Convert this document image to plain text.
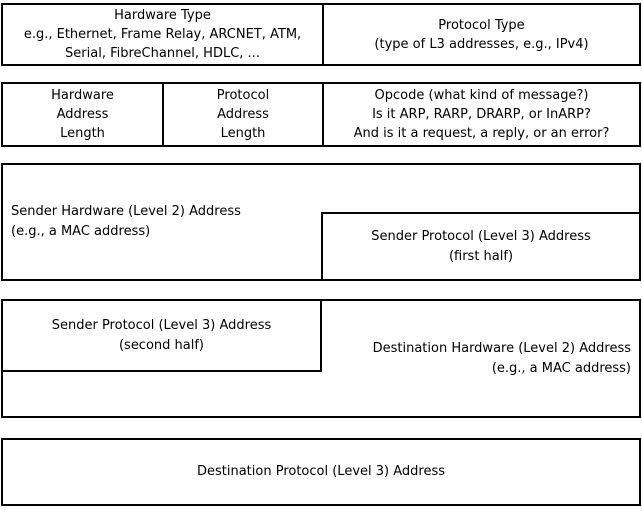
Hardware Type
e.g., Ethernet, Frame Relay, ARCNET, ATM,
Serial, FibreChannel, HDLC, ...
Protocol Type
(type of L3 addresses, e.g., IPv4)
Hardware
Address
Length
Protocol
Address
Length
Opcode (what kind of message?)
Is it ARP, RARP, DRARP, or InARP?
And is it a request, a reply, or an error?
Sender Hardware (Level 2) Address
(e.g., a MAC address)	Sender Protocol (Level 3) Address
(first half)
Sender Protocol (Level 3) Address
(second half)	Destination Hardware (Level 2) Address
(e.g., a MAC address)
Destination Protocol (Level 3) Address
